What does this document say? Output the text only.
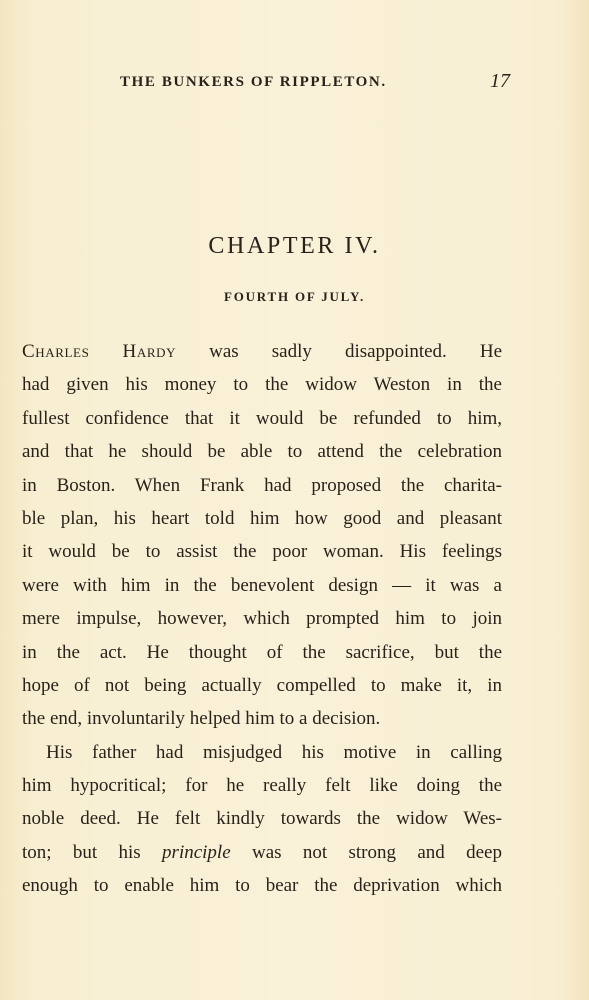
THE BUNKERS OF RIPPLETON.	17
CHAPTER IV.
FOURTH OF JULY.
Charles Hardy was sadly disappointed. He
had given his money to the widow Weston in the
fullest confidence that it would be refunded to him,
and that he should be able to attend the celebration
in Boston. When Frank had proposed the charita-
ble plan, his heart told him how good and pleasant
it would be to assist the poor woman. His feelings
were with him in the benevolent design — it was a
mere impulse, however, which prompted him to join
in the act. He thought of the sacrifice, but the
hope of not being actually compelled to make it, in
the end, involuntarily helped him to a decision.
His father had misjudged his motive in calling
him hypocritical; for he really felt like doing the
noble deed. He felt kindly towards the widow Wes-
ton; but his principle was not strong and deep
enough to enable him to bear the deprivation which
